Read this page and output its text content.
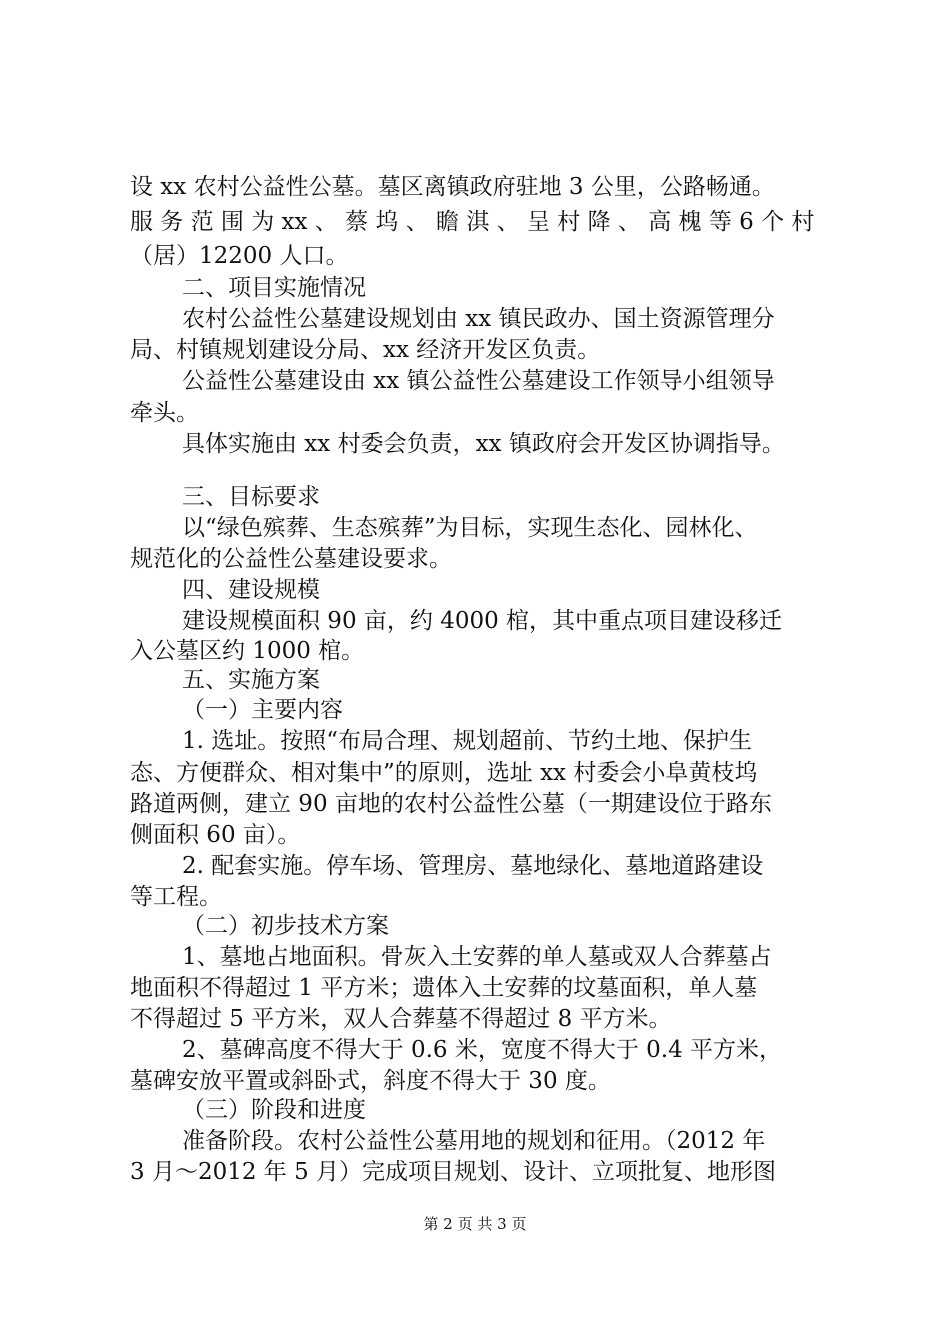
设 xx 农村公益性公墓。墓区离镇政府驻地 3 公里，公路畅通。
服 务 范 围 为 xx 、 蔡 坞 、 瞻 淇 、 呈 村 降 、 高 槐 等 6 个 村
（居）12200 人口。
二、项目实施情况
农村公益性公墓建设规划由 xx 镇民政办、国土资源管理分
局、村镇规划建设分局、xx 经济开发区负责。
公益性公墓建设由 xx 镇公益性公墓建设工作领导小组领导
牵头。
具体实施由 xx 村委会负责，xx 镇政府会开发区协调指导。
三、目标要求
以“绿色殡葬、生态殡葬”为目标，实现生态化、园林化、
规范化的公益性公墓建设要求。
四、建设规模
建设规模面积 90 亩，约 4000 棺，其中重点项目建设移迁
入公墓区约 1000 棺。
五、实施方案
（一）主要内容
1. 选址。按照“布局合理、规划超前、节约土地、保护生
态、方便群众、相对集中”的原则，选址 xx 村委会小阜黄枝坞
路道两侧，建立 90 亩地的农村公益性公墓（一期建设位于路东
侧面积 60 亩）。
2. 配套实施。停车场、管理房、墓地绿化、墓地道路建设
等工程。
（二）初步技术方案
1、墓地占地面积。骨灰入土安葬的单人墓或双人合葬墓占
地面积不得超过 1 平方米；遗体入土安葬的坟墓面积，单人墓
不得超过 5 平方米，双人合葬墓不得超过 8 平方米。
2、墓碑高度不得大于 0.6 米，宽度不得大于 0.4 平方米，
墓碑安放平置或斜卧式，斜度不得大于 30 度。
（三）阶段和进度
准备阶段。农村公益性公墓用地的规划和征用。（2012 年
3 月～2012 年 5 月）完成项目规划、设计、立项批复、地形图
第 2 页 共 3 页
